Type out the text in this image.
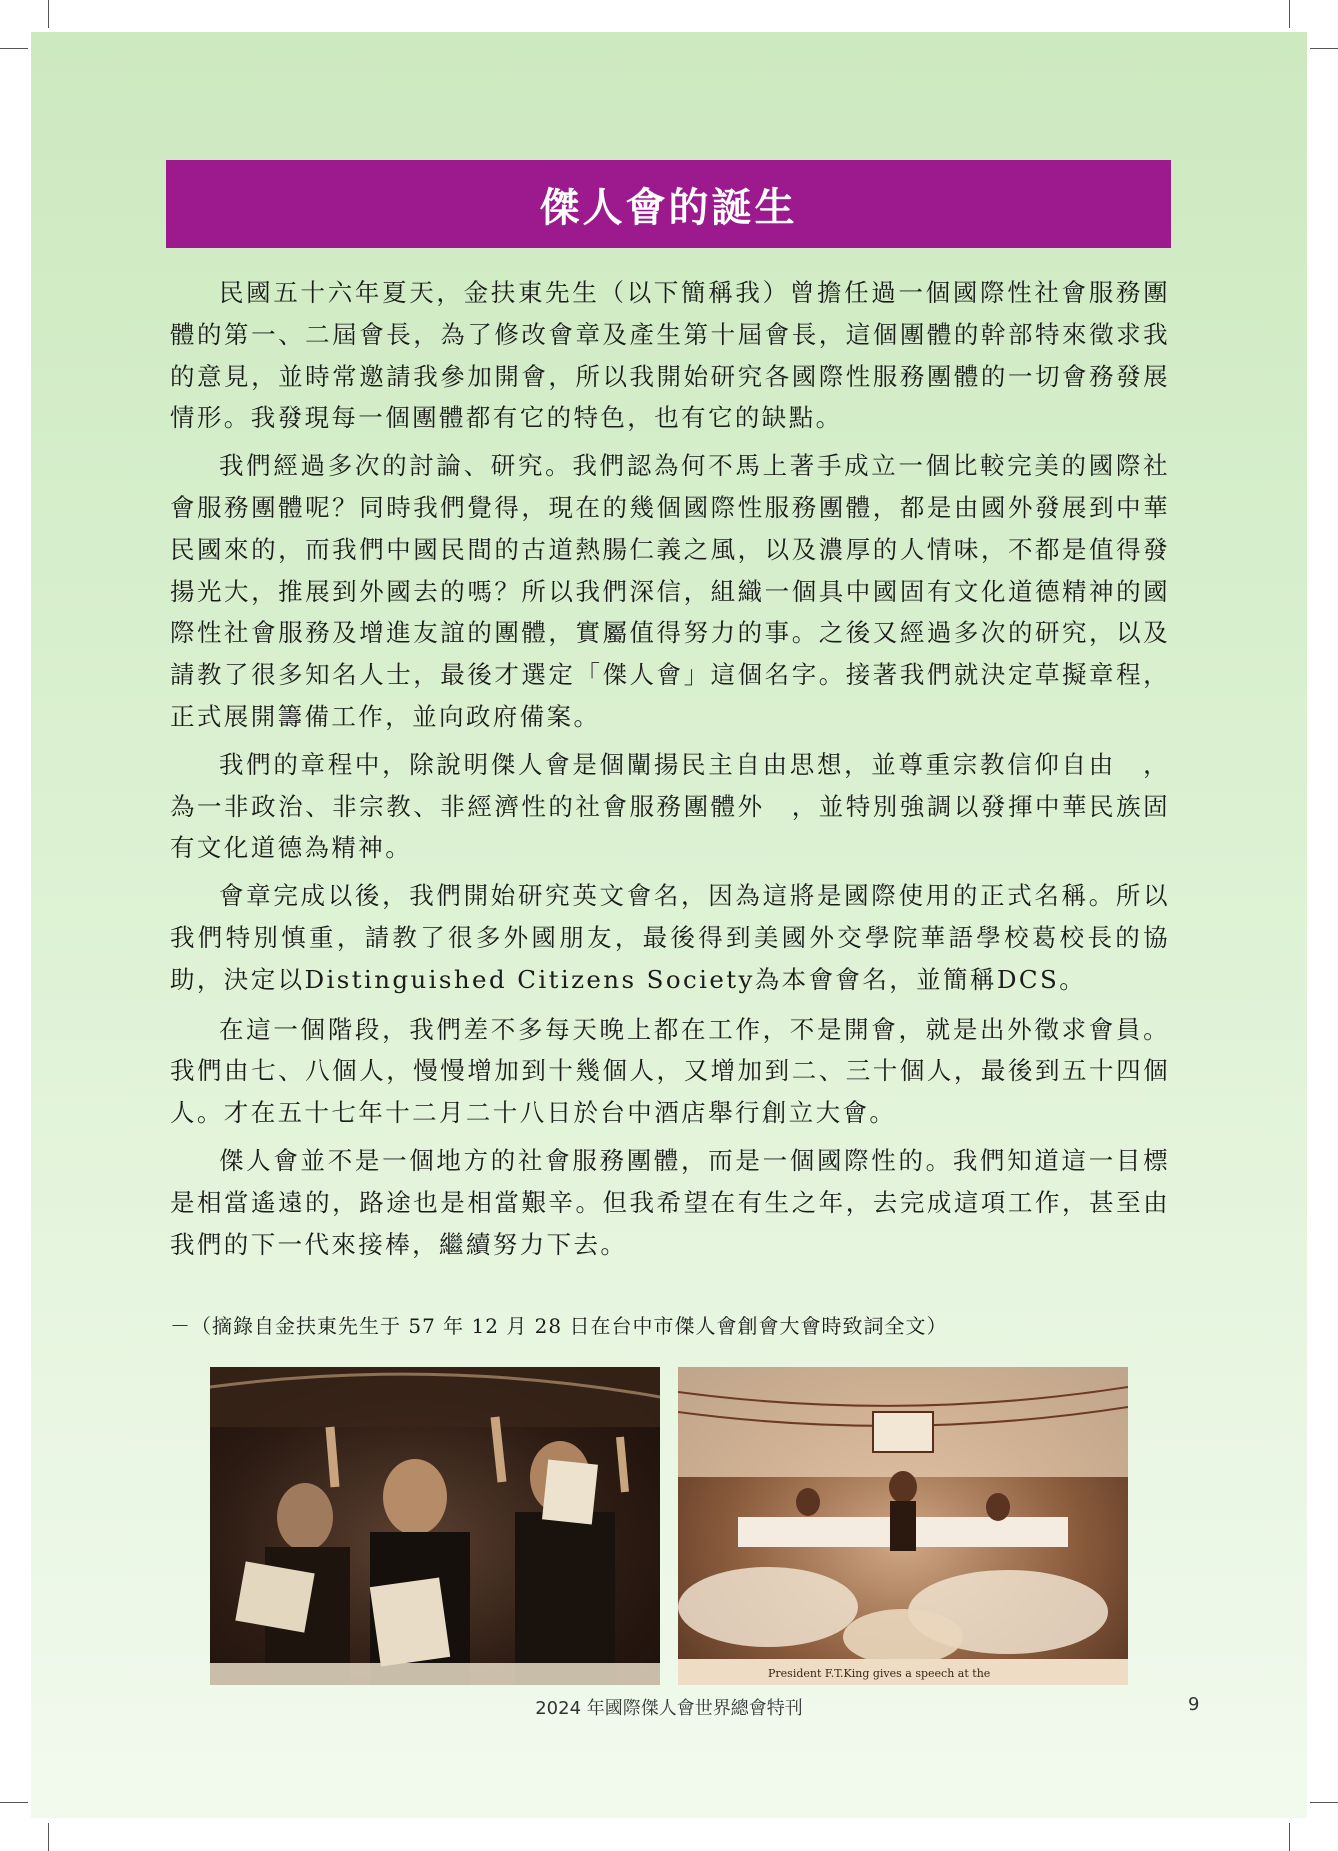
傑人會的誕生

民國五十六年夏天，金扶東先生（以下簡稱我）曾擔任過一個國際性社會服務團體的第一、二屆會長，為了修改會章及產生第十屆會長，這個團體的幹部特來徵求我的意見，並時常邀請我參加開會，所以我開始研究各國際性服務團體的一切會務發展情形。我發現每一個團體都有它的特色，也有它的缺點。

我們經過多次的討論、研究。我們認為何不馬上著手成立一個比較完美的國際社會服務團體呢？同時我們覺得，現在的幾個國際性服務團體，都是由國外發展到中華民國來的，而我們中國民間的古道熱腸仁義之風，以及濃厚的人情味，不都是值得發揚光大，推展到外國去的嗎？所以我們深信，組織一個具中國固有文化道德精神的國際性社會服務及增進友誼的團體，實屬值得努力的事。之後又經過多次的研究，以及請教了很多知名人士，最後才選定「傑人會」這個名字。接著我們就決定草擬章程，正式展開籌備工作，並向政府備案。

我們的章程中，除說明傑人會是個闡揚民主自由思想，並尊重宗教信仰自由　，為一非政治、非宗教、非經濟性的社會服務團體外　，並特別強調以發揮中華民族固有文化道德為精神。

會章完成以後，我們開始研究英文會名，因為這將是國際使用的正式名稱。所以我們特別慎重，請教了很多外國朋友，最後得到美國外交學院華語學校葛校長的協助，決定以Distinguished Citizens Society為本會會名，並簡稱DCS。

在這一個階段，我們差不多每天晚上都在工作，不是開會，就是出外徵求會員。我們由七、八個人，慢慢增加到十幾個人，又增加到二、三十個人，最後到五十四個人。才在五十七年十二月二十八日於台中酒店舉行創立大會。

傑人會並不是一個地方的社會服務團體，而是一個國際性的。我們知道這一目標是相當遙遠的，路途也是相當艱辛。但我希望在有生之年，去完成這項工作，甚至由我們的下一代來接棒，繼續努力下去。

－（摘錄自金扶東先生于 57 年 12 月 28 日在台中市傑人會創會大會時致詞全文）
President F.T.King gives a speech at the
2024 年國際傑人會世界總會特刊	9
